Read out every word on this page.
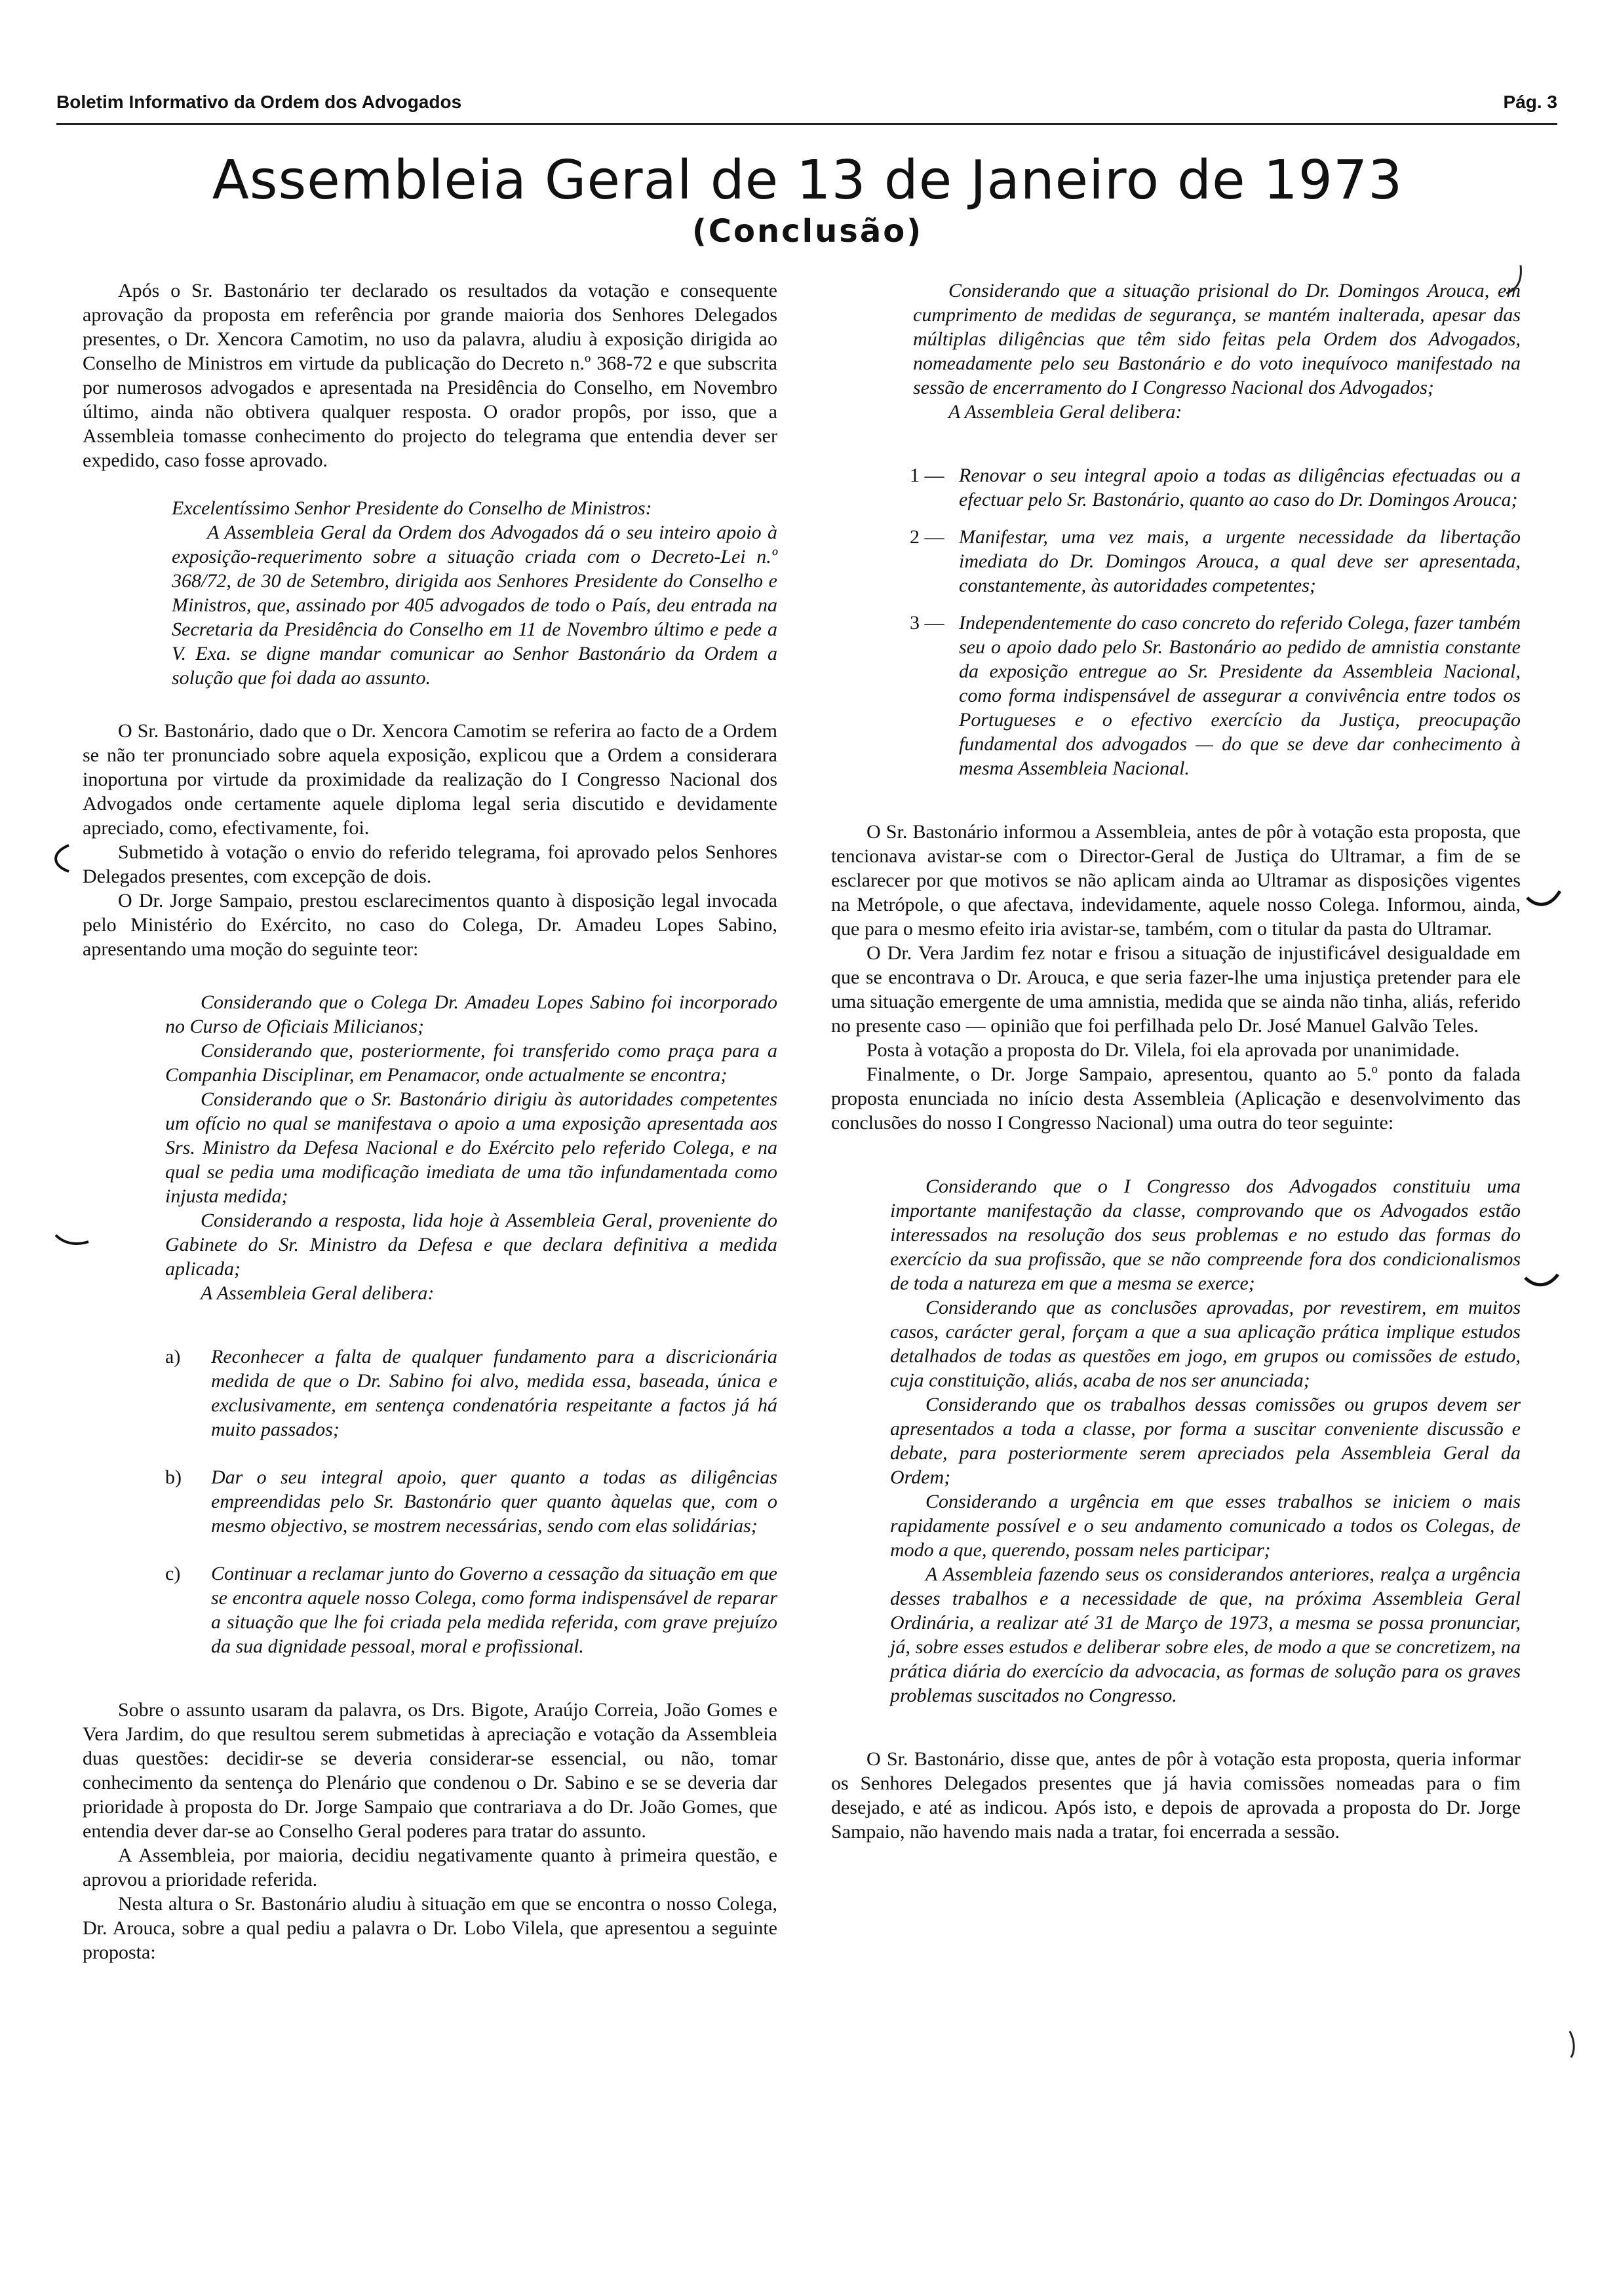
Boletim Informativo da Ordem dos Advogados	Pág. 3
Assembleia Geral de 13 de Janeiro de 1973
(Conclusão)

Após o Sr. Bastonário ter declarado os resultados da votação e consequente aprovação da proposta em referência por grande maioria dos Senhores Delegados presentes, o Dr. Xencora Camotim, no uso da palavra, aludiu à exposição dirigida ao Conselho de Ministros em virtude da publicação do Decreto n.º 368-72 e que subscrita por numerosos advogados e apresentada na Presidência do Conselho, em Novembro último, ainda não obtivera qualquer resposta. O orador propôs, por isso, que a Assembleia tomasse conhecimento do projecto do telegrama que entendia dever ser expedido, caso fosse aprovado.

Excelentíssimo Senhor Presidente do Conselho de Ministros:

A Assembleia Geral da Ordem dos Advogados dá o seu inteiro apoio à exposição-requerimento sobre a situação criada com o Decreto-Lei n.º 368/72, de 30 de Setembro, dirigida aos Senhores Presidente do Conselho e Ministros, que, assinado por 405 advogados de todo o País, deu entrada na Secretaria da Presidência do Conselho em 11 de Novembro último e pede a V. Exa. se digne mandar comunicar ao Senhor Bastonário da Ordem a solução que foi dada ao assunto.

O Sr. Bastonário, dado que o Dr. Xencora Camotim se referira ao facto de a Ordem se não ter pronunciado sobre aquela exposição, explicou que a Ordem a considerara inoportuna por virtude da proximidade da realização do I Congresso Nacional dos Advogados onde certamente aquele diploma legal seria discutido e devidamente apreciado, como, efectivamente, foi.

Submetido à votação o envio do referido telegrama, foi aprovado pelos Senhores Delegados presentes, com excepção de dois.

O Dr. Jorge Sampaio, prestou esclarecimentos quanto à disposição legal invocada pelo Ministério do Exército, no caso do Colega, Dr. Amadeu Lopes Sabino, apresentando uma moção do seguinte teor:

Considerando que o Colega Dr. Amadeu Lopes Sabino foi incorporado no Curso de Oficiais Milicianos;

Considerando que, posteriormente, foi transferido como praça para a Companhia Disciplinar, em Penamacor, onde actualmente se encontra;

Considerando que o Sr. Bastonário dirigiu às autoridades competentes um ofício no qual se manifestava o apoio a uma exposição apresentada aos Srs. Ministro da Defesa Nacional e do Exército pelo referido Colega, e na qual se pedia uma modificação imediata de uma tão infundamentada como injusta medida;

Considerando a resposta, lida hoje à Assembleia Geral, proveniente do Gabinete do Sr. Ministro da Defesa e que declara definitiva a medida aplicada;

A Assembleia Geral delibera:

a)	Reconhecer a falta de qualquer fundamento para a discricionária medida de que o Dr. Sabino foi alvo, medida essa, baseada, única e exclusivamente, em sentença condenatória respeitante a factos já há muito passados;
b)	Dar o seu integral apoio, quer quanto a todas as diligências empreendidas pelo Sr. Bastonário quer quanto àquelas que, com o mesmo objectivo, se mostrem necessárias, sendo com elas solidárias;
c)	Continuar a reclamar junto do Governo a cessação da situação em que se encontra aquele nosso Colega, como forma indispensável de reparar a situação que lhe foi criada pela medida referida, com grave prejuízo da sua dignidade pessoal, moral e profissional.

Sobre o assunto usaram da palavra, os Drs. Bigote, Araújo Correia, João Gomes e Vera Jardim, do que resultou serem submetidas à apreciação e votação da Assembleia duas questões: decidir-se se deveria considerar-se essencial, ou não, tomar conhecimento da sentença do Plenário que condenou o Dr. Sabino e se se deveria dar prioridade à proposta do Dr. Jorge Sampaio que contrariava a do Dr. João Gomes, que entendia dever dar-se ao Conselho Geral poderes para tratar do assunto.

A Assembleia, por maioria, decidiu negativamente quanto à primeira questão, e aprovou a prioridade referida.

Nesta altura o Sr. Bastonário aludiu à situação em que se encontra o nosso Colega, Dr. Arouca, sobre a qual pediu a palavra o Dr. Lobo Vilela, que apresentou a seguinte proposta:

Considerando que a situação prisional do Dr. Domingos Arouca, em cumprimento de medidas de segurança, se mantém inalterada, apesar das múltiplas diligências que têm sido feitas pela Ordem dos Advogados, nomeadamente pelo seu Bastonário e do voto inequívoco manifestado na sessão de encerramento do I Congresso Nacional dos Advogados;

A Assembleia Geral delibera:

1 — Renovar o seu integral apoio a todas as diligências efectuadas ou a efectuar pelo Sr. Bastonário, quanto ao caso do Dr. Domingos Arouca;
2 — Manifestar, uma vez mais, a urgente necessidade da libertação imediata do Dr. Domingos Arouca, a qual deve ser apresentada, constantemente, às autoridades competentes;
3 — Independentemente do caso concreto do referido Colega, fazer também seu o apoio dado pelo Sr. Bastonário ao pedido de amnistia constante da exposição entregue ao Sr. Presidente da Assembleia Nacional, como forma indispensável de assegurar a convivência entre todos os Portugueses e o efectivo exercício da Justiça, preocupação fundamental dos advogados — do que se deve dar conhecimento à mesma Assembleia Nacional.

O Sr. Bastonário informou a Assembleia, antes de pôr à votação esta proposta, que tencionava avistar-se com o Director-Geral de Justiça do Ultramar, a fim de se esclarecer por que motivos se não aplicam ainda ao Ultramar as disposições vigentes na Metrópole, o que afectava, indevidamente, aquele nosso Colega. Informou, ainda, que para o mesmo efeito iria avistar-se, também, com o titular da pasta do Ultramar.

O Dr. Vera Jardim fez notar e frisou a situação de injustificável desigualdade em que se encontrava o Dr. Arouca, e que seria fazer-lhe uma injustiça pretender para ele uma situação emergente de uma amnistia, medida que se ainda não tinha, aliás, referido no presente caso — opinião que foi perfilhada pelo Dr. José Manuel Galvão Teles.

Posta à votação a proposta do Dr. Vilela, foi ela aprovada por unanimidade.

Finalmente, o Dr. Jorge Sampaio, apresentou, quanto ao 5.º ponto da falada proposta enunciada no início desta Assembleia (Aplicação e desenvolvimento das conclusões do nosso I Congresso Nacional) uma outra do teor seguinte:

Considerando que o I Congresso dos Advogados constituiu uma importante manifestação da classe, comprovando que os Advogados estão interessados na resolução dos seus problemas e no estudo das formas do exercício da sua profissão, que se não compreende fora dos condicionalismos de toda a natureza em que a mesma se exerce;

Considerando que as conclusões aprovadas, por revestirem, em muitos casos, carácter geral, forçam a que a sua aplicação prática implique estudos detalhados de todas as questões em jogo, em grupos ou comissões de estudo, cuja constituição, aliás, acaba de nos ser anunciada;

Considerando que os trabalhos dessas comissões ou grupos devem ser apresentados a toda a classe, por forma a suscitar conveniente discussão e debate, para posteriormente serem apreciados pela Assembleia Geral da Ordem;

Considerando a urgência em que esses trabalhos se iniciem o mais rapidamente possível e o seu andamento comunicado a todos os Colegas, de modo a que, querendo, possam neles participar;

A Assembleia fazendo seus os considerandos anteriores, realça a urgência desses trabalhos e a necessidade de que, na próxima Assembleia Geral Ordinária, a realizar até 31 de Março de 1973, a mesma se possa pronunciar, já, sobre esses estudos e deliberar sobre eles, de modo a que se concretizem, na prática diária do exercício da advocacia, as formas de solução para os graves problemas suscitados no Congresso.

O Sr. Bastonário, disse que, antes de pôr à votação esta proposta, queria informar os Senhores Delegados presentes que já havia comissões nomeadas para o fim desejado, e até as indicou. Após isto, e depois de aprovada a proposta do Dr. Jorge Sampaio, não havendo mais nada a tratar, foi encerrada a sessão.
